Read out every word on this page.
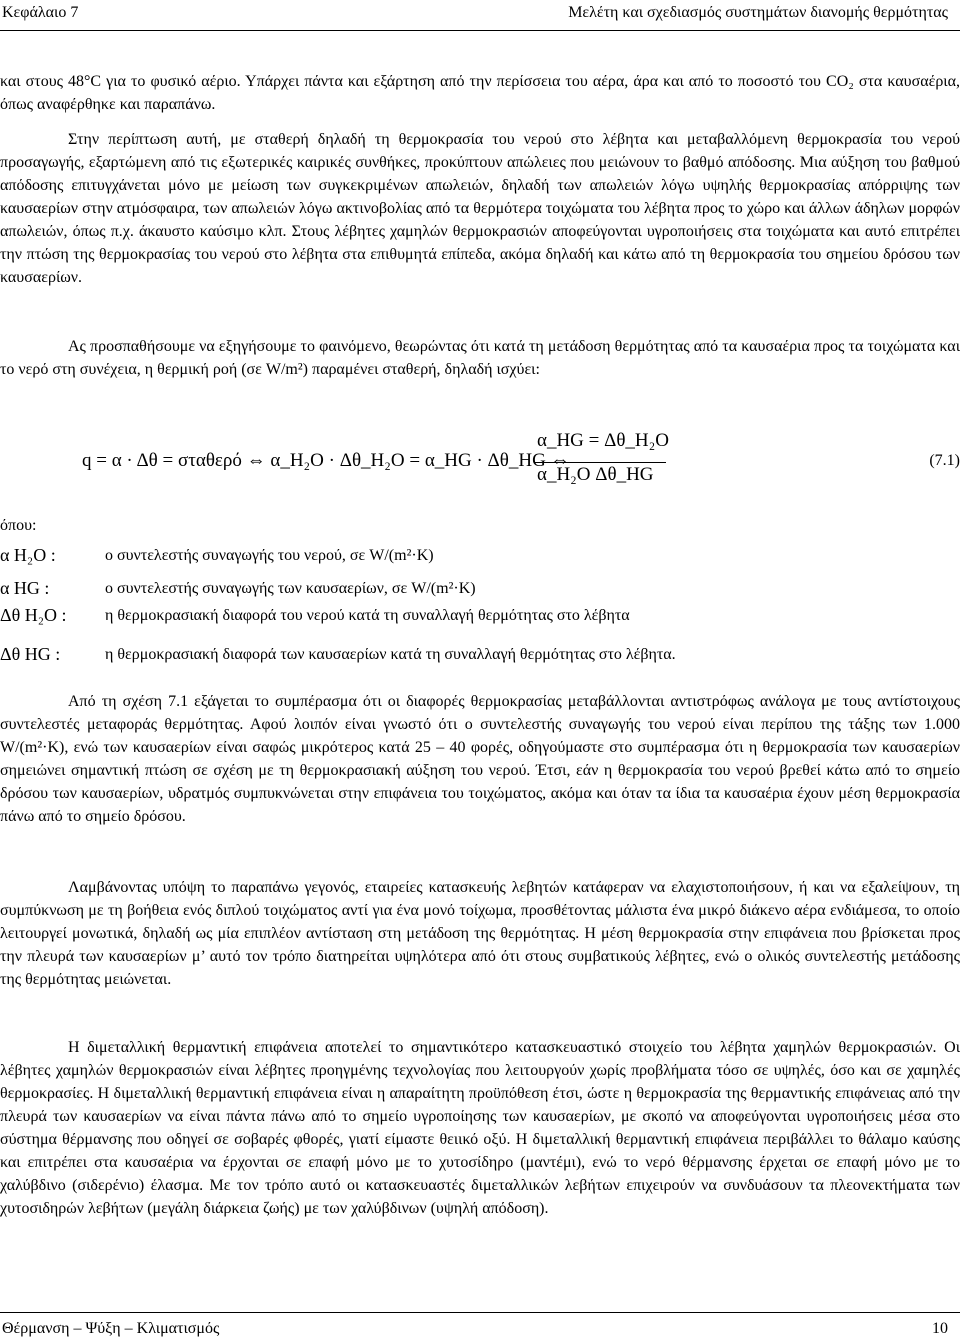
Κεφάλαιο 7	Μελέτη και σχεδιασμός συστημάτων διανομής θερμότητας

και στους 48°C για το φυσικό αέριο. Υπάρχει πάντα και εξάρτηση από την περίσσεια του αέρα, άρα και από το ποσοστό του CO₂ στα καυσαέρια, όπως αναφέρθηκε και παραπάνω.

Στην περίπτωση αυτή, με σταθερή δηλαδή τη θερμοκρασία του νερού στο λέβητα και μεταβαλλόμενη θερμοκρασία του νερού προσαγωγής, εξαρτώμενη από τις εξωτερικές καιρικές συνθήκες, προκύπτουν απώλειες που μειώνουν το βαθμό απόδοσης. Μια αύξηση του βαθμού απόδοσης επιτυγχάνεται μόνο με μείωση των συγκεκριμένων απωλειών, δηλαδή των απωλειών λόγω υψηλής θερμοκρασίας απόρριψης των καυσαερίων στην ατμόσφαιρα, των απωλειών λόγω ακτινοβολίας από τα θερμότερα τοιχώματα του λέβητα προς το χώρο και άλλων άδηλων μορφών απωλειών, όπως π.χ. άκαυστο καύσιμο κλπ. Στους λέβητες χαμηλών θερμοκρασιών αποφεύγονται υγροποιήσεις στα τοιχώματα και αυτό επιτρέπει την πτώση της θερμοκρασίας του νερού στο λέβητα στα επιθυμητά επίπεδα, ακόμα δηλαδή και κάτω από τη θερμοκρασία του σημείου δρόσου των καυσαερίων.

Ας προσπαθήσουμε να εξηγήσουμε το φαινόμενο, θεωρώντας ότι κατά τη μετάδοση θερμότητας από τα καυσαέρια προς τα τοιχώματα και το νερό στη συνέχεια, η θερμική ροή (σε W/m²) παραμένει σταθερή, δηλαδή ισχύει:

q = α · Δθ = σταθερό ⇔ α_H₂O · Δθ_H₂O = α_HG · Δθ_HG ⇔
α_HG = Δθ_H₂O
α_H₂O Δθ_HG
(7.1)

όπου:

α H₂O :	ο συντελεστής συναγωγής του νερού, σε W/(m²·K)
α HG :	ο συντελεστής συναγωγής των καυσαερίων, σε W/(m²·K)
Δθ H₂O : η θερμοκρασιακή διαφορά του νερού κατά τη συναλλαγή θερμότητας στο λέβητα
Δθ HG :	η θερμοκρασιακή διαφορά των καυσαερίων κατά τη συναλλαγή θερμότητας στο λέβητα.

Από τη σχέση 7.1 εξάγεται το συμπέρασμα ότι οι διαφορές θερμοκρασίας μεταβάλλονται αντιστρόφως ανάλογα με τους αντίστοιχους συντελεστές μεταφοράς θερμότητας. Αφού λοιπόν είναι γνωστό ότι ο συντελεστής συναγωγής του νερού είναι περίπου της τάξης των 1.000 W/(m²·K), ενώ των καυσαερίων είναι σαφώς μικρότερος κατά 25 – 40 φορές, οδηγούμαστε στο συμπέρασμα ότι η θερμοκρασία των καυσαερίων σημειώνει σημαντική πτώση σε σχέση με τη θερμοκρασιακή αύξηση του νερού. Έτσι, εάν η θερμοκρασία του νερού βρεθεί κάτω από το σημείο δρόσου των καυσαερίων, υδρατμός συμπυκνώνεται στην επιφάνεια του τοιχώματος, ακόμα και όταν τα ίδια τα καυσαέρια έχουν μέση θερμοκρασία πάνω από το σημείο δρόσου.

Λαμβάνοντας υπόψη το παραπάνω γεγονός, εταιρείες κατασκευής λεβητών κατάφεραν να ελαχιστοποιήσουν, ή και να εξαλείψουν, τη συμπύκνωση με τη βοήθεια ενός διπλού τοιχώματος αντί για ένα μονό τοίχωμα, προσθέτοντας μάλιστα ένα μικρό διάκενο αέρα ενδιάμεσα, το οποίο λειτουργεί μονωτικά, δηλαδή ως μία επιπλέον αντίσταση στη μετάδοση της θερμότητας. Η μέση θερμοκρασία στην επιφάνεια που βρίσκεται προς την πλευρά των καυσαερίων μ’ αυτό τον τρόπο διατηρείται υψηλότερα από ότι στους συμβατικούς λέβητες, ενώ ο ολικός συντελεστής μετάδοσης της θερμότητας μειώνεται.

Η διμεταλλική θερμαντική επιφάνεια αποτελεί το σημαντικότερο κατασκευαστικό στοιχείο του λέβητα χαμηλών θερμοκρασιών. Οι λέβητες χαμηλών θερμοκρασιών είναι λέβητες προηγμένης τεχνολογίας που λειτουργούν χωρίς προβλήματα τόσο σε υψηλές, όσο και σε χαμηλές θερμοκρασίες. Η διμεταλλική θερμαντική επιφάνεια είναι η απαραίτητη προϋπόθεση έτσι, ώστε η θερμοκρασία της θερμαντικής επιφάνειας από την πλευρά των καυσαερίων να είναι πάντα πάνω από το σημείο υγροποίησης των καυσαερίων, με σκοπό να αποφεύγονται υγροποιήσεις μέσα στο σύστημα θέρμανσης που οδηγεί σε σοβαρές φθορές, γιατί είμαστε θειικό οξύ. Η διμεταλλική θερμαντική επιφάνεια περιβάλλει το θάλαμο καύσης και επιτρέπει στα καυσαέρια να έρχονται σε επαφή μόνο με το χυτοσίδηρο (μαντέμι), ενώ το νερό θέρμανσης έρχεται σε επαφή μόνο με το χαλύβδινο (σιδερένιο) έλασμα. Με τον τρόπο αυτό οι κατασκευαστές διμεταλλικών λεβήτων επιχειρούν να συνδυάσουν τα πλεονεκτήματα των χυτοσιδηρών λεβήτων (μεγάλη διάρκεια ζωής) με των χαλύβδινων (υψηλή απόδοση).

Θέρμανση – Ψύξη – Κλιματισμός	10
